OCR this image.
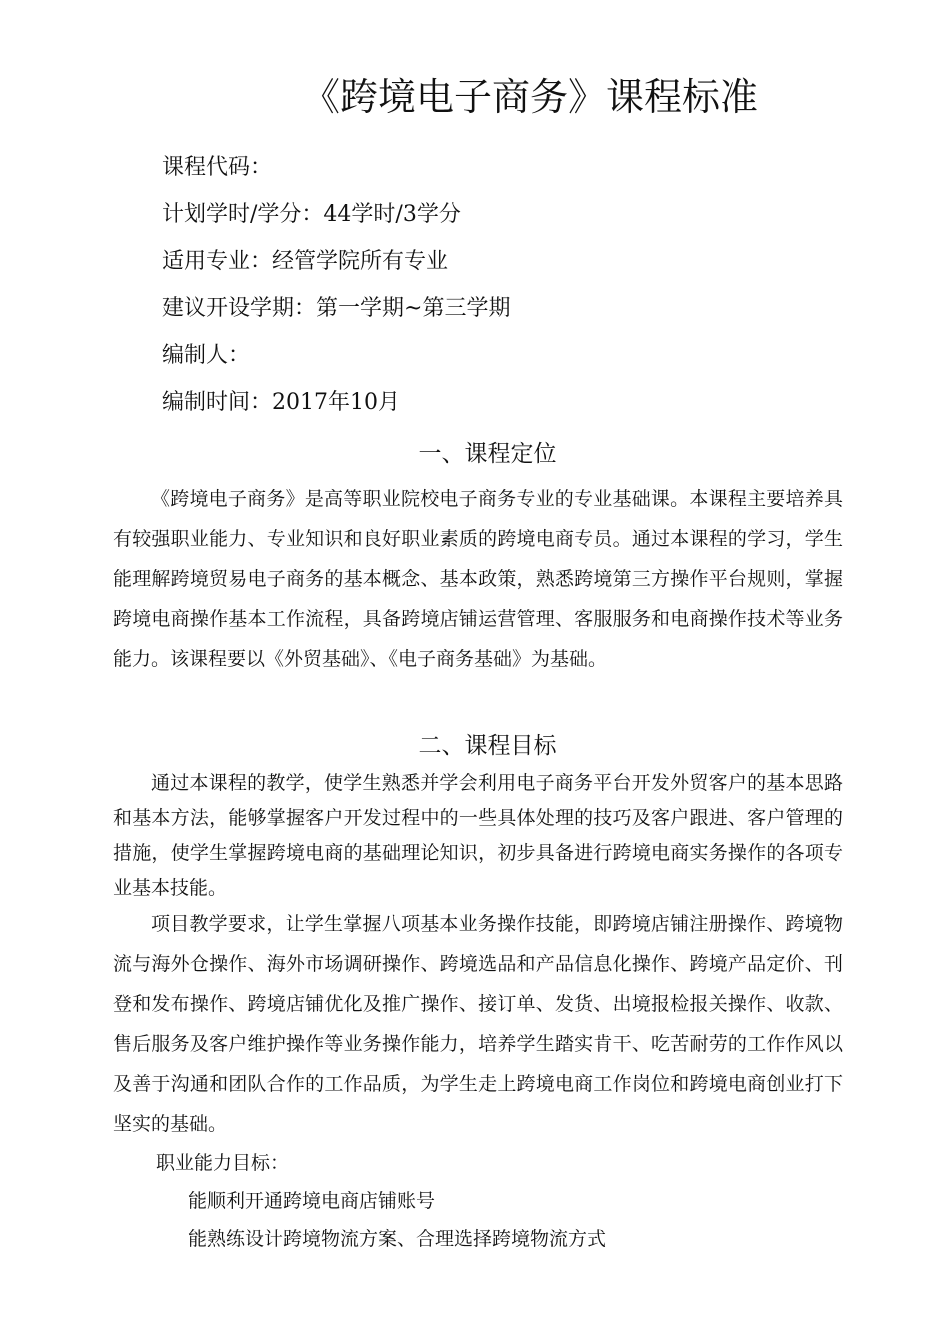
《跨境电子商务》课程标准
课程代码：
计划学时/学分：44学时/3学分
适用专业：经管学院所有专业
建议开设学期：第一学期~第三学期
编制人：
编制时间：2017年10月
一、课程定位

《跨境电子商务》是高等职业院校电子商务专业的专业基础课。本课程主要培养具有较强职业能力、专业知识和良好职业素质的跨境电商专员。通过本课程的学习，学生能理解跨境贸易电子商务的基本概念、基本政策，熟悉跨境第三方操作平台规则，掌握跨境电商操作基本工作流程，具备跨境店铺运营管理、客服服务和电商操作技术等业务能力。该课程要以《外贸基础》、《电子商务基础》为基础。

二、课程目标

通过本课程的教学，使学生熟悉并学会利用电子商务平台开发外贸客户的基本思路和基本方法，能够掌握客户开发过程中的一些具体处理的技巧及客户跟进、客户管理的措施，使学生掌握跨境电商的基础理论知识，初步具备进行跨境电商实务操作的各项专业基本技能。

项目教学要求，让学生掌握八项基本业务操作技能，即跨境店铺注册操作、跨境物流与海外仓操作、海外市场调研操作、跨境选品和产品信息化操作、跨境产品定价、刊登和发布操作、跨境店铺优化及推广操作、接订单、发货、出境报检报关操作、收款、售后服务及客户维护操作等业务操作能力，培养学生踏实肯干、吃苦耐劳的工作作风以及善于沟通和团队合作的工作品质，为学生走上跨境电商工作岗位和跨境电商创业打下坚实的基础。

职业能力目标：
能顺利开通跨境电商店铺账号
能熟练设计跨境物流方案、合理选择跨境物流方式
